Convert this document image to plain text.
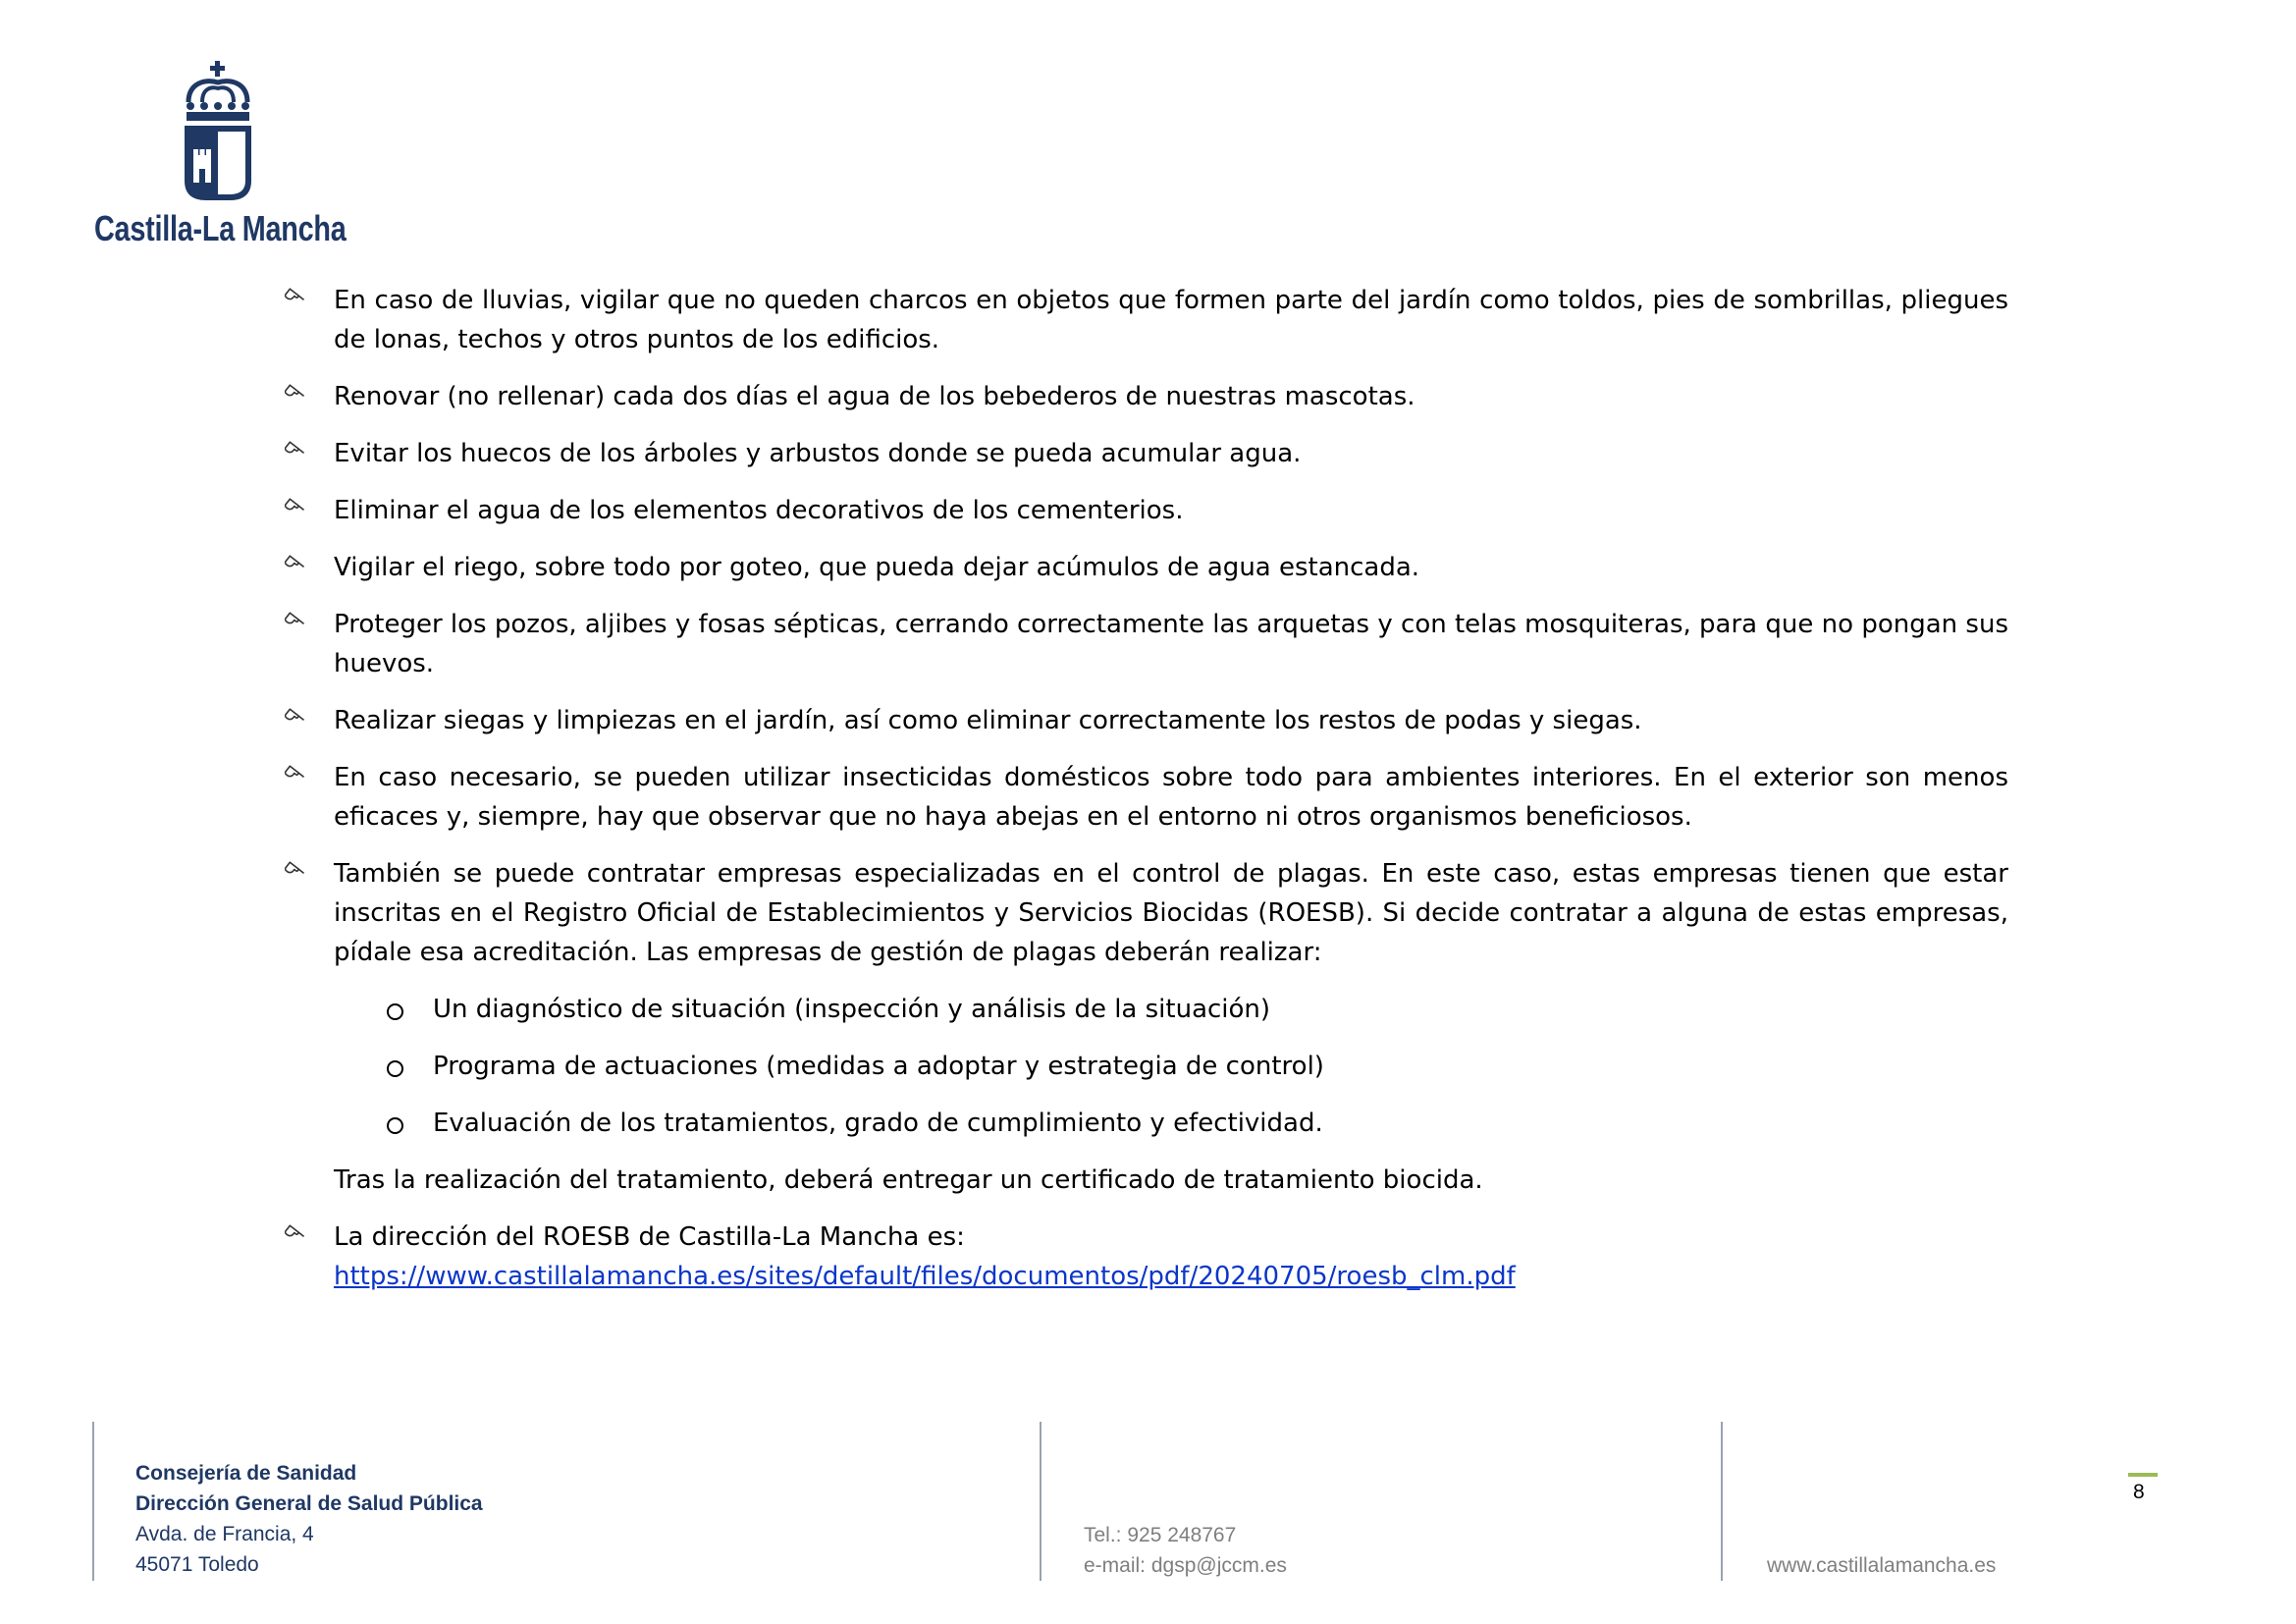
Castilla-La Mancha
En caso de lluvias, vigilar que no queden charcos en objetos que formen parte del jardín como toldos, pies de sombrillas, pliegues de lonas, techos y otros puntos de los edificios.
Renovar (no rellenar) cada dos días el agua de los bebederos de nuestras mascotas.
Evitar los huecos de los árboles y arbustos donde se pueda acumular agua.
Eliminar el agua de los elementos decorativos de los cementerios.
Vigilar el riego, sobre todo por goteo, que pueda dejar acúmulos de agua estancada.
Proteger los pozos, aljibes y fosas sépticas, cerrando correctamente las arquetas y con telas mosquiteras, para que no pongan sus huevos.
Realizar siegas y limpiezas en el jardín, así como eliminar correctamente los restos de podas y siegas.
En caso necesario, se pueden utilizar insecticidas domésticos sobre todo para ambientes interiores. En el exterior son menos eficaces y, siempre, hay que observar que no haya abejas en el entorno ni otros organismos beneficiosos.
También se puede contratar empresas especializadas en el control de plagas. En este caso, estas empresas tienen que estar inscritas en el Registro Oficial de Establecimientos y Servicios Biocidas (ROESB). Si decide contratar a alguna de estas empresas, pídale esa acreditación. Las empresas de gestión de plagas deberán realizar:
Un diagnóstico de situación (inspección y análisis de la situación)
Programa de actuaciones (medidas a adoptar y estrategia de control)
Evaluación de los tratamientos, grado de cumplimiento y efectividad.
Tras la realización del tratamiento, deberá entregar un certificado de tratamiento biocida.
La dirección del ROESB de Castilla-La Mancha es:
https://www.castillalamancha.es/sites/default/files/documentos/pdf/20240705/roesb_clm.pdf
Consejería de Sanidad
Dirección General de Salud Pública
Avda. de Francia, 4
45071 Toledo
Tel.: 925 248767
e-mail: dgsp@jccm.es	www.castillalamancha.es
8
